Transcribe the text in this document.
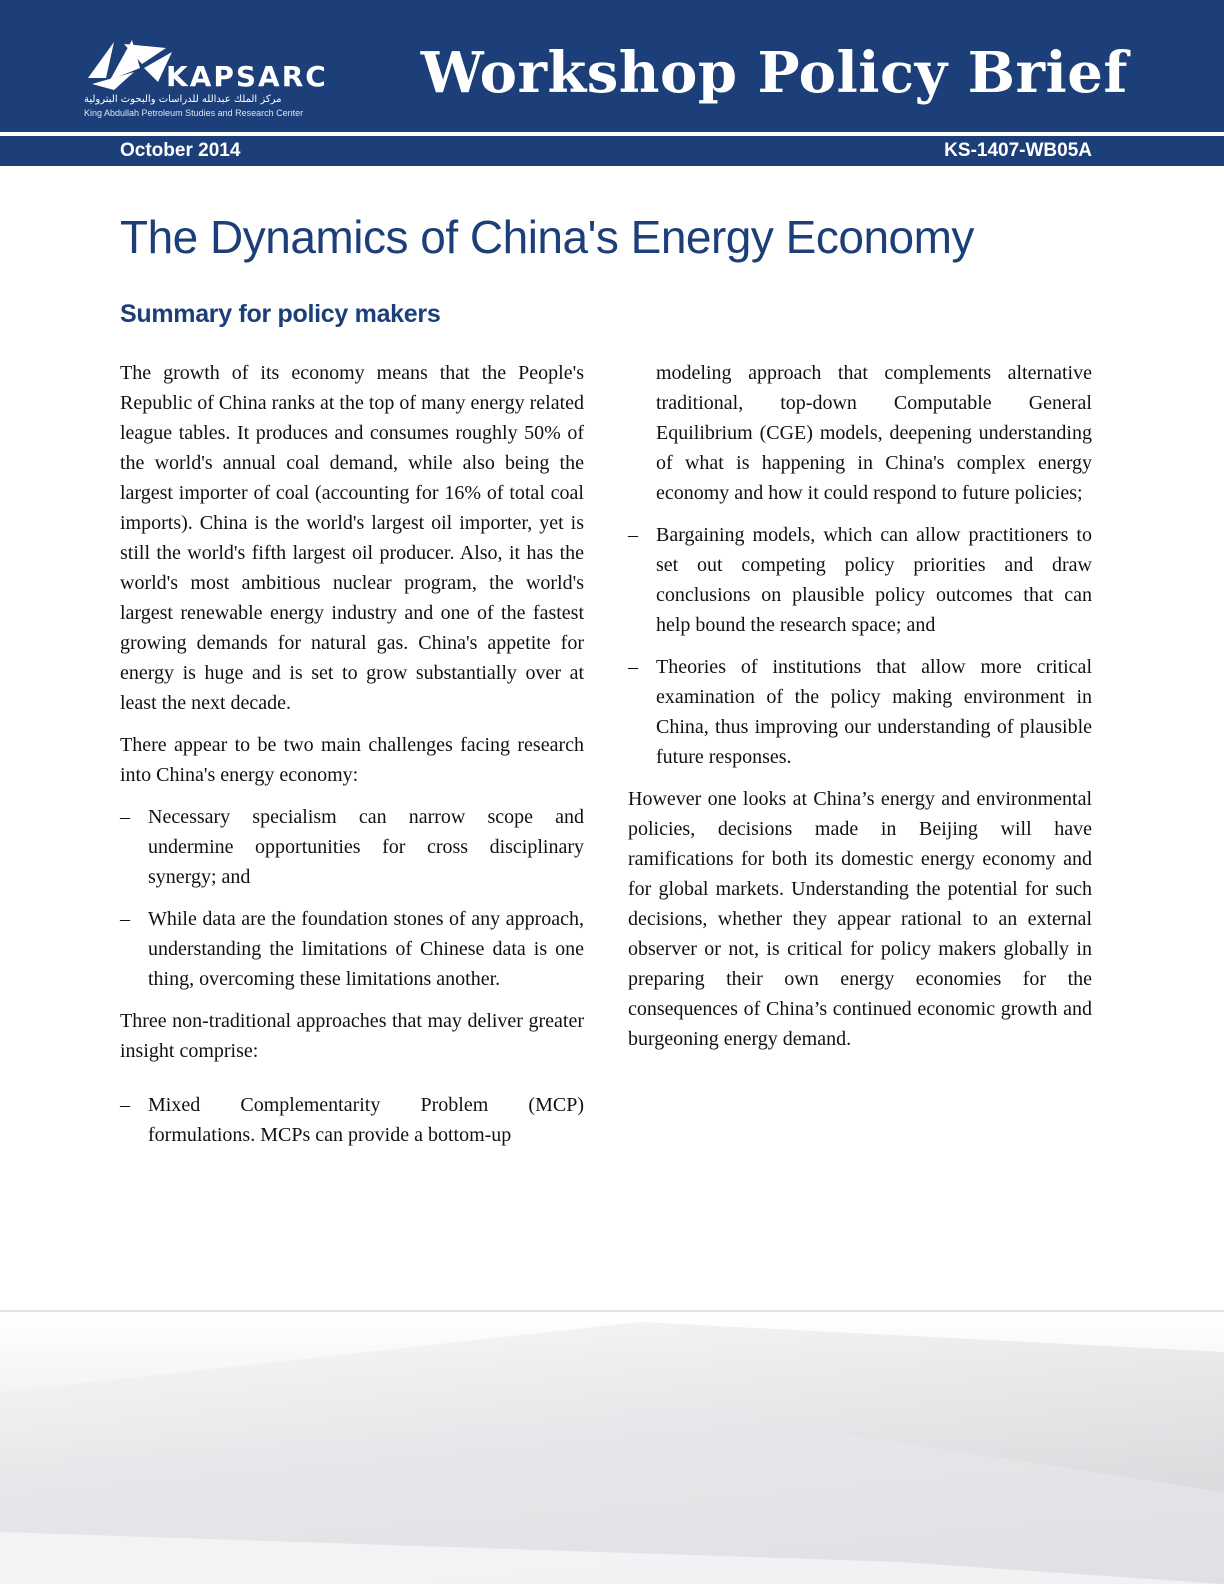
KAPSARC
مركز الملك عبدالله للدراسات والبحوث البترولية
King Abdullah Petroleum Studies and Research Center
Workshop Policy Brief
October 2014	KS-1407-WB05A
The Dynamics of China's Energy Economy
Summary for policy makers

The growth of its economy means that the People's Republic of China ranks at the top of many energy related league tables. It produces and consumes roughly 50% of the world's annual coal demand, while also being the largest importer of coal (accounting for 16% of total coal imports). China is the world's largest oil importer, yet is still the world's fifth largest oil producer. Also, it has the world's most ambitious nuclear program, the world's largest renewable energy industry and one of the fastest growing demands for natural gas. China's appetite for energy is huge and is set to grow substantially over at least the next decade.

There appear to be two main challenges facing research into China's energy economy:

– Necessary specialism can narrow scope and undermine opportunities for cross disciplinary synergy; and
– While data are the foundation stones of any approach, understanding the limitations of Chinese data is one thing, overcoming these limitations another.

Three non-traditional approaches that may deliver greater insight comprise:

– Mixed Complementarity Problem (MCP) formulations. MCPs can provide a bottom-up
modeling approach that complements alternative traditional, top-down Computable General Equilibrium (CGE) models, deepening understanding of what is happening in China's complex energy economy and how it could respond to future policies;
– Bargaining models, which can allow practitioners to set out competing policy priorities and draw conclusions on plausible policy outcomes that can help bound the research space; and
– Theories of institutions that allow more critical examination of the policy making environment in China, thus improving our understanding of plausible future responses.

However one looks at China’s energy and environmental policies, decisions made in Beijing will have ramifications for both its domestic energy economy and for global markets. Understanding the potential for such decisions, whether they appear rational to an external observer or not, is critical for policy makers globally in preparing their own energy economies for the consequences of China’s continued economic growth and burgeoning energy demand.
